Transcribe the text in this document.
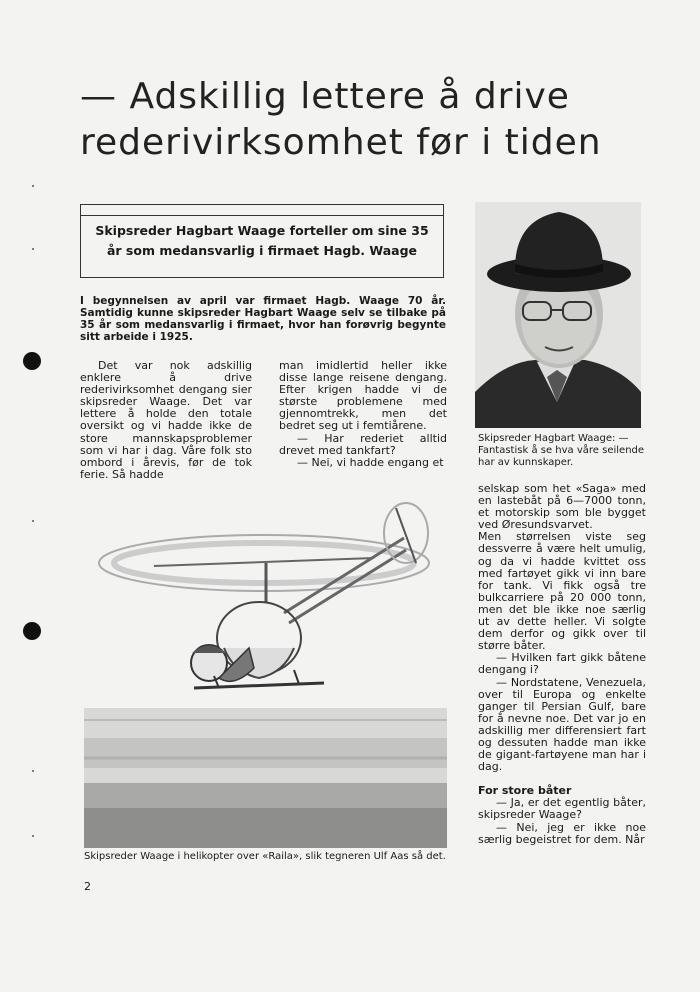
— Adskillig lettere å drive rederivirksomhet før i tiden
Skipsreder Hagbart Waage forteller om sine 35 år som medansvarlig i firmaet Hagb. Waage
I begynnelsen av april var firmaet Hagb. Waage 70 år. Samtidig kunne skipsreder Hagbart Waage selv se tilbake på 35 år som medansvarlig i firmaet, hvor han forøvrig begynte sitt arbeide i 1925.

Det var nok adskillig enklere å drive rederivirksomhet dengang sier skipsreder Waage. Det var lettere å holde den totale oversikt og vi hadde ikke de store mannskapsproblemer som vi har i dag. Våre folk sto ombord i årevis, før de tok ferie. Så hadde

man imidlertid heller ikke disse lange reisene dengang. Efter krigen hadde vi de største problemene med gjennomtrekk, men det bedret seg ut i femtiårene.

— Har rederiet alltid drevet med tankfart?

— Nei, vi hadde engang et

Skipsreder Hagbart Waage: — Fantastisk å se hva våre seilende har av kunnskaper.
Skipsreder Waage i helikopter over «Raila», slik tegneren Ulf Aas så det.

selskap som het «Saga» med en lastebåt på 6—7000 tonn, et motorskip som ble bygget ved Øresundsvarvet.

Men størrelsen viste seg dessverre å være helt umulig, og da vi hadde kvittet oss med fartøyet gikk vi inn bare for tank. Vi fikk også tre bulkcarriere på 20 000 tonn, men det ble ikke noe særlig ut av dette heller. Vi solgte dem derfor og gikk over til større båter.

— Hvilken fart gikk båtene dengang i?

— Nordstatene, Venezuela, over til Europa og enkelte ganger til Persian Gulf, bare for å nevne noe. Det var jo en adskillig mer differensiert fart og dessuten hadde man ikke de gigant-fartøyene man har i dag.

For store båter

— Ja, er det egentlig båter, skipsreder Waage?

— Nei, jeg er ikke noe særlig begeistret for dem. Når

2
